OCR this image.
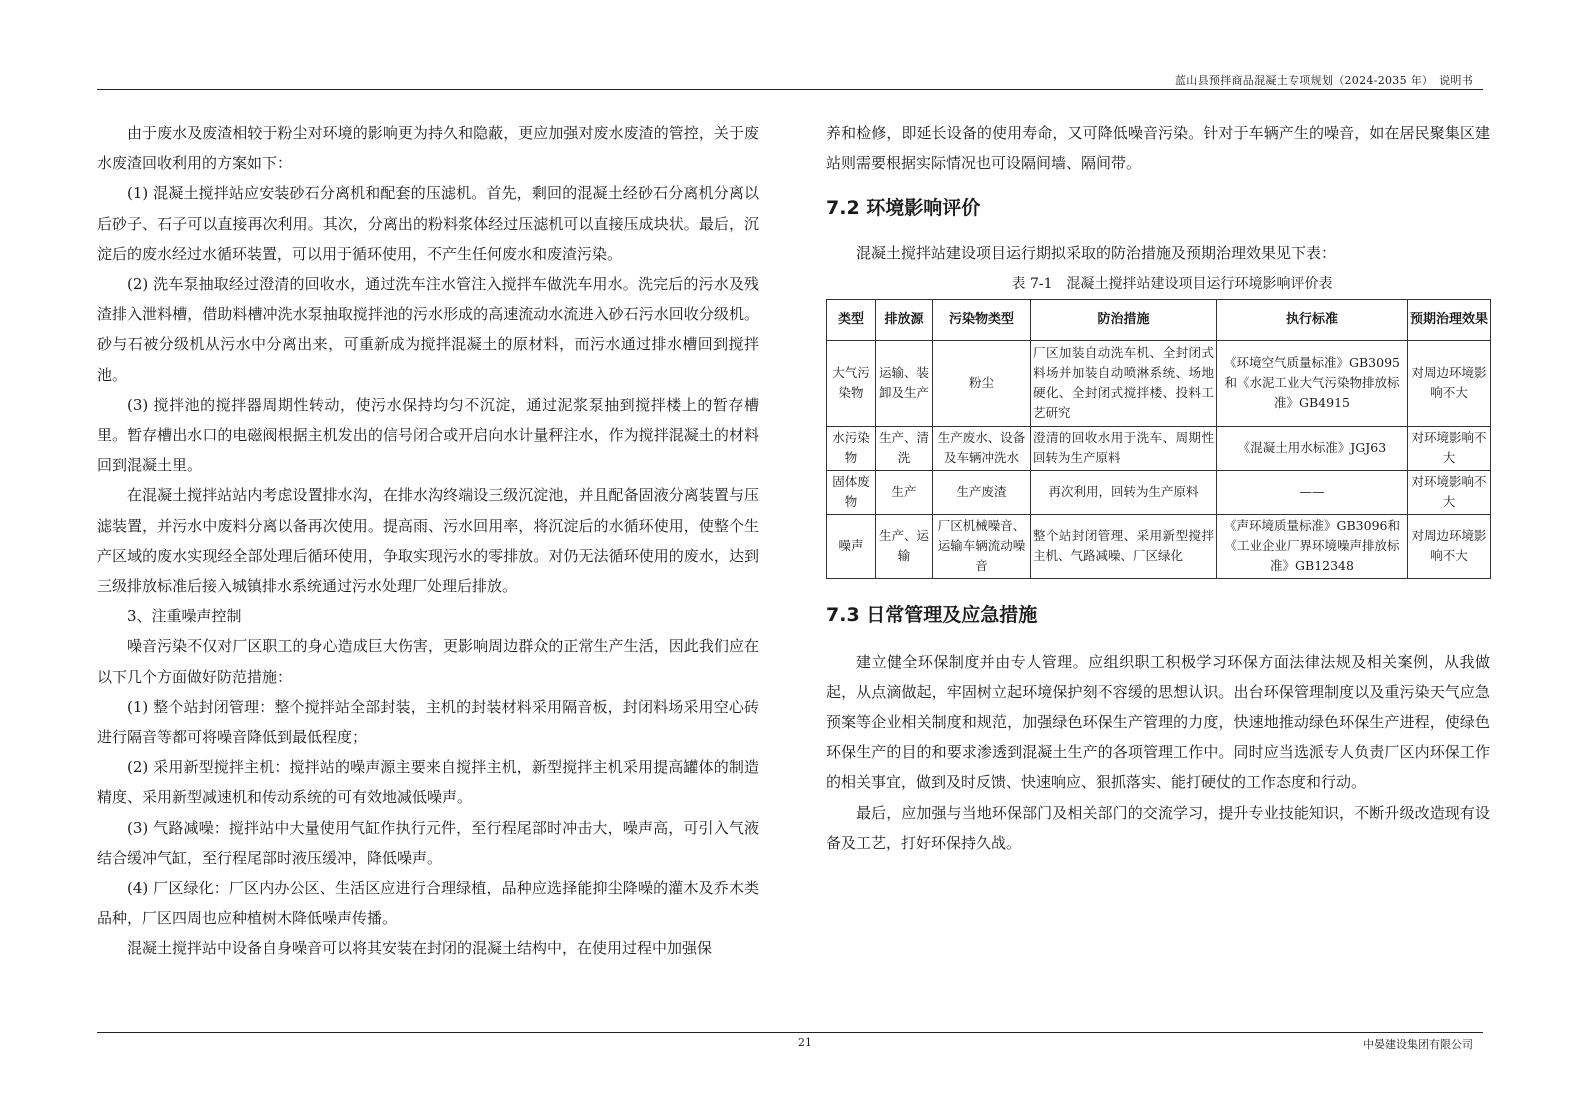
蓝山县预拌商品混凝土专项规划（2024-2035 年）　说明书

由于废水及废渣相较于粉尘对环境的影响更为持久和隐蔽，更应加强对废水废渣的管控，关于废水废渣回收利用的方案如下：

(1) 混凝土搅拌站应安装砂石分离机和配套的压滤机。首先，剩回的混凝土经砂石分离机分离以后砂子、石子可以直接再次利用。其次，分离出的粉料浆体经过压滤机可以直接压成块状。最后，沉淀后的废水经过水循环装置，可以用于循环使用，不产生任何废水和废渣污染。

(2) 洗车泵抽取经过澄清的回收水，通过洗车注水管注入搅拌车做洗车用水。洗完后的污水及残渣排入泄料槽，借助料槽冲洗水泵抽取搅拌池的污水形成的高速流动水流进入砂石污水回收分级机。砂与石被分级机从污水中分离出来，可重新成为搅拌混凝土的原材料，而污水通过排水槽回到搅拌池。

(3) 搅拌池的搅拌器周期性转动，使污水保持均匀不沉淀，通过泥浆泵抽到搅拌楼上的暂存槽里。暂存槽出水口的电磁阀根据主机发出的信号闭合或开启向水计量秤注水，作为搅拌混凝土的材料回到混凝土里。

在混凝土搅拌站站内考虑设置排水沟，在排水沟终端设三级沉淀池，并且配备固液分离装置与压滤装置，并污水中废料分离以备再次使用。提高雨、污水回用率，将沉淀后的水循环使用，使整个生产区域的废水实现经全部处理后循环使用，争取实现污水的零排放。对仍无法循环使用的废水，达到三级排放标准后接入城镇排水系统通过污水处理厂处理后排放。

3、注重噪声控制

噪音污染不仅对厂区职工的身心造成巨大伤害，更影响周边群众的正常生产生活，因此我们应在以下几个方面做好防范措施：

(1) 整个站封闭管理：整个搅拌站全部封装，主机的封装材料采用隔音板，封闭料场采用空心砖进行隔音等都可将噪音降低到最低程度；

(2) 采用新型搅拌主机：搅拌站的噪声源主要来自搅拌主机，新型搅拌主机采用提高罐体的制造精度、采用新型减速机和传动系统的可有效地减低噪声。

(3) 气路减噪：搅拌站中大量使用气缸作执行元件，至行程尾部时冲击大，噪声高，可引入气液结合缓冲气缸，至行程尾部时液压缓冲，降低噪声。

(4) 厂区绿化：厂区内办公区、生活区应进行合理绿植，品种应选择能抑尘降噪的灌木及乔木类品种，厂区四周也应种植树木降低噪声传播。

混凝土搅拌站中设备自身噪音可以将其安装在封闭的混凝土结构中，在使用过程中加强保

养和检修，即延长设备的使用寿命，又可降低噪音污染。针对于车辆产生的噪音，如在居民聚集区建站则需要根据实际情况也可设隔间墙、隔间带。

7.2 环境影响评价

混凝土搅拌站建设项目运行期拟采取的防治措施及预期治理效果见下表：

表 7-1　混凝土搅拌站建设项目运行环境影响评价表

类型	排放源	污染物类型	防治措施	执行标准	预期治理效果
大气污染物	运输、装卸及生产	粉尘	厂区加装自动洗车机、全封闭式料场并加装自动喷淋系统、场地硬化、全封闭式搅拌楼、投料工艺研究	《环境空气质量标准》GB3095和《水泥工业大气污染物排放标准》GB4915	对周边环境影响不大
水污染物	生产、清洗	生产废水、设备及车辆冲洗水	澄清的回收水用于洗车、周期性回转为生产原料	《混凝土用水标准》JGJ63	对环境影响不大
固体废物	生产	生产废渣	再次利用，回转为生产原料	——	对环境影响不大
噪声	生产、运输	厂区机械噪音、运输车辆流动噪音	整个站封闭管理、采用新型搅拌主机、气路减噪、厂区绿化	《声环境质量标准》GB3096和《工业企业厂界环境噪声排放标准》GB12348	对周边环境影响不大
7.3 日常管理及应急措施

建立健全环保制度并由专人管理。应组织职工积极学习环保方面法律法规及相关案例，从我做起，从点滴做起，牢固树立起环境保护刻不容缓的思想认识。出台环保管理制度以及重污染天气应急预案等企业相关制度和规范，加强绿色环保生产管理的力度，快速地推动绿色环保生产进程，使绿色环保生产的目的和要求渗透到混凝土生产的各项管理工作中。同时应当选派专人负责厂区内环保工作的相关事宜，做到及时反馈、快速响应、狠抓落实、能打硬仗的工作态度和行动。

最后，应加强与当地环保部门及相关部门的交流学习，提升专业技能知识，不断升级改造现有设备及工艺，打好环保持久战。

21	中晏建设集团有限公司
